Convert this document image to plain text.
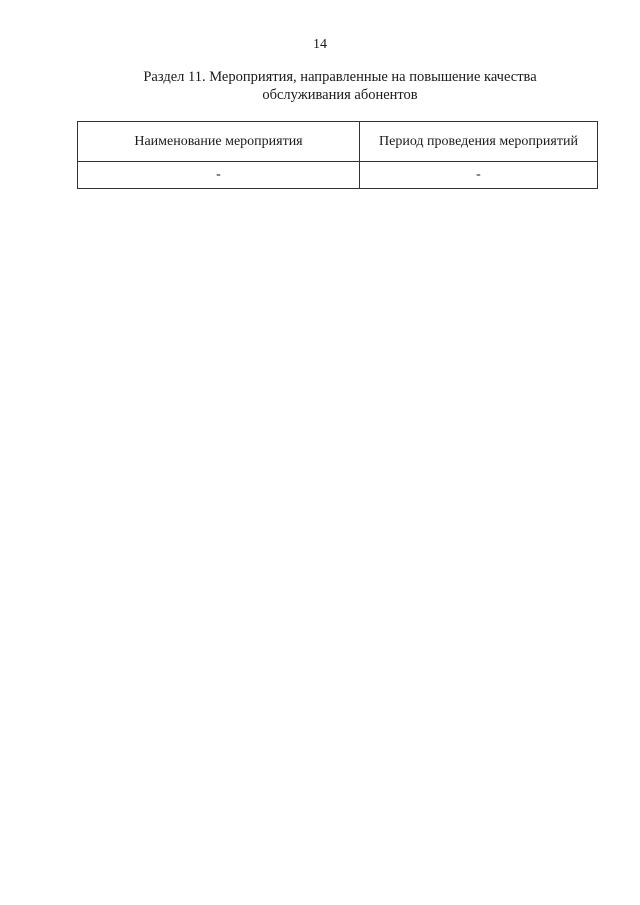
14
Раздел 11. Мероприятия, направленные на повышение качества
обслуживания абонентов
Наименование мероприятия	Период проведения мероприятий
-	-
